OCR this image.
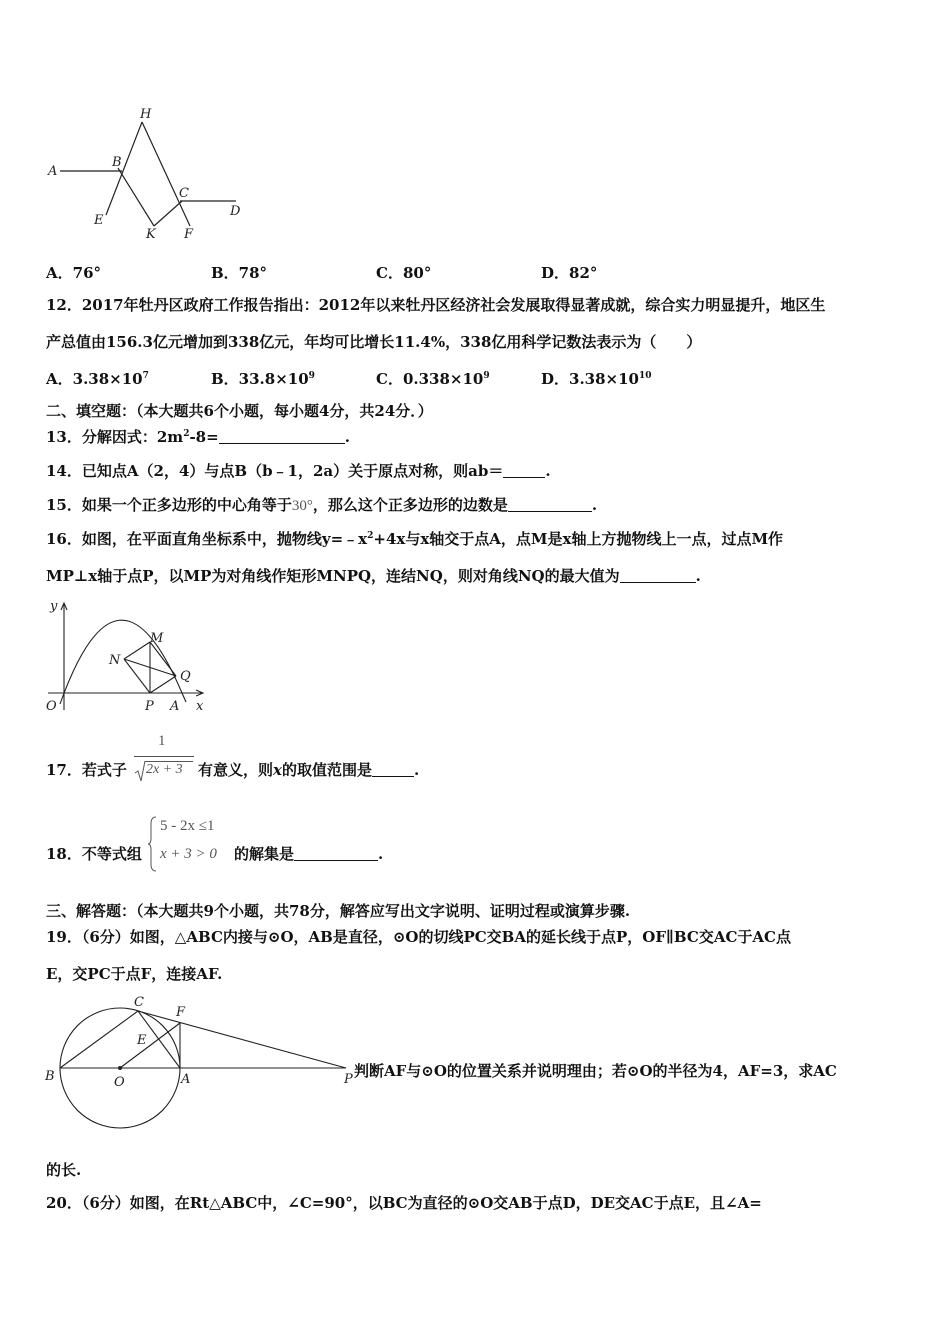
H
A
B
C
D
E
K F
A．76°	B．78°	C．80°	D．82°
12．2017年牡丹区政府工作报告指出：2012年以来牡丹区经济社会发展取得显著成就，综合实力明显提升，地区生
产总值由156.3亿元增加到338亿元，年均可比增长11.4%，338亿用科学记数法表示为（　　）
A．$3.38\times 10^7$	B．$33.8\times 10^9$	C．$0.338\times 10^9$	D．$3.38\times 10^{10}$
二、填空题：（本大题共6个小题，每小题4分，共24分．）
13．分解因式：$2m^2-8=$	.
14．已知点A（2，4）与点B（b﹣1，2a）关于原点对称，则ab＝	.
15．如果一个正多边形的中心角等于30°，那么这个正多边形的边数是	.
16．如图，在平面直角坐标系中，抛物线$y=﹣x^2+4x$与x轴交于点A，点M是x轴上方抛物线上一点，过点M作
MP⊥x轴于点P，以MP为对角线作矩形MNPQ，连结NQ，则对角线NQ的最大值为	.
y
M
N
Q
O	P A x
17．若式子
1
2x + 3 有意义，则x的取值范围是	.
18．不等式组
5 - 2x ≤1
x + 3 > 0 的解集是	.
三、解答题：（本大题共9个小题，共78分，解答应写出文字说明、证明过程或演算步骤.
19．（6分）如图，△ABC内接与⊙O，AB是直径，⊙O的切线PC交BA的延长线于点P，OF∥BC交AC于AC点
E，交PC于点F，连接AF.
C
F
E
B	O	A	P 判断AF与⊙O的位置关系并说明理由；若⊙O的半径为4，AF=3，求AC
的长.
20．（6分）如图，在Rt△ABC中，∠C=90°，以BC为直径的⊙O交AB于点D，DE交AC于点E，且∠A=
